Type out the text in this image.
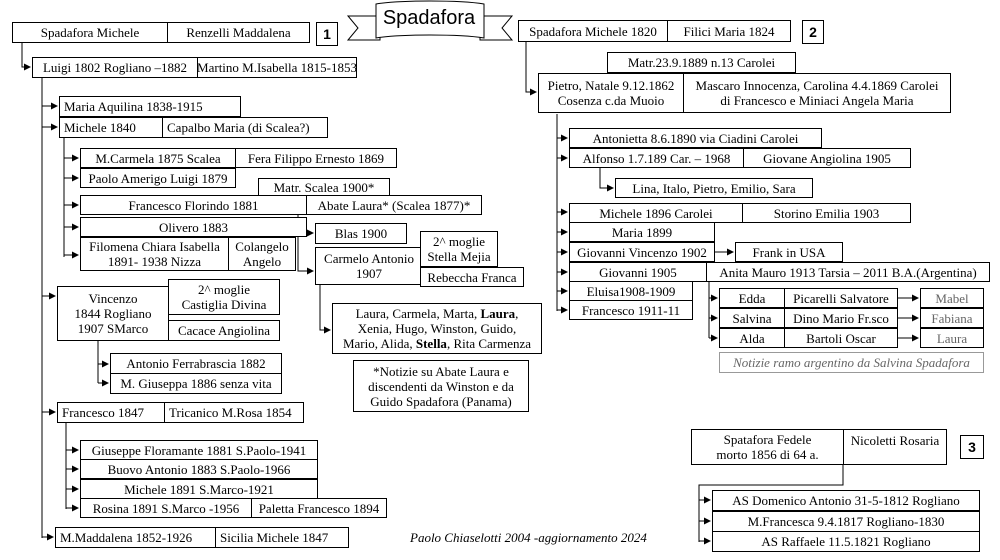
Spadafora
1
Spadafora Michele	Renzelli Maddalena
Luigi 1802 Rogliano –1882 Martino M.Isabella 1815-1853
Maria Aquilina 1838-1915
Michele 1840	Capalbo Maria (di Scalea?)
M.Carmela 1875 Scalea	Fera Filippo Ernesto 1869
Paolo Amerigo Luigi 1879
Matr. Scalea 1900*
Francesco Florindo 1881	Abate Laura* (Scalea 1877)*
Olivero 1883	Blas 1900
Filomena Chiara Isabella
1891- 1938 Nizza
Colangelo
Angelo	Carmelo Antonio
1907
2^ moglie
Stella Mejia
Rebeccha Franca
Laura, Carmela, Marta, Laura,
Xenia, Hugo, Winston, Guido,
Mario, Alida, Stella, Rita Carmenza
*Notizie su Abate Laura e
discendenti da Winston e da
Guido Spadafora (Panama)
Vincenzo
1844 Rogliano
1907 SMarco
2^ moglie
Castiglia Divina
Cacace Angiolina
Antonio Ferrabrascia 1882
M. Giuseppa 1886 senza vita
Francesco 1847	Tricanico M.Rosa 1854
Giuseppe Floramante 1881 S.Paolo-1941
Buovo Antonio 1883 S.Paolo-1966
Michele 1891 S.Marco-1921
Rosina 1891 S.Marco -1956	Paletta Francesco 1894
M.Maddalena 1852-1926	Sicilia Michele 1847	Paolo Chiaselotti 2004 -aggiornamento 2024
Spadafora Michele 1820	Filici Maria 1824	2
Matr.23.9.1889 n.13 Carolei
Pietro, Natale 9.12.1862
Cosenza c.da Muoio
Mascaro Innocenza, Carolina 4.4.1869 Carolei
di Francesco e Miniaci Angela Maria
Antonietta 8.6.1890 via Ciadini Carolei
Alfonso 1.7.189 Car. – 1968	Giovane Angiolina 1905
Lina, Italo, Pietro, Emilio, Sara
Michele 1896 Carolei	Storino Emilia 1903
Maria 1899
Giovanni Vincenzo 1902	Frank in USA
Giovanni 1905	Anita Mauro 1913 Tarsia – 2011 B.A.(Argentina)
Eluisa1908-1909
Francesco 1911-11
Edda	Picarelli Salvatore	Mabel
Salvina	Dino Mario Fr.sco	Fabiana
Alda	Bartoli Oscar	Laura
Notizie ramo argentino da Salvina Spadafora
Spatafora Fedele
morto 1856 di 64 a.
Nicoletti Rosaria	3
AS Domenico Antonio 31-5-1812 Rogliano
M.Francesca 9.4.1817 Rogliano-1830
AS Raffaele 11.5.1821 Rogliano
